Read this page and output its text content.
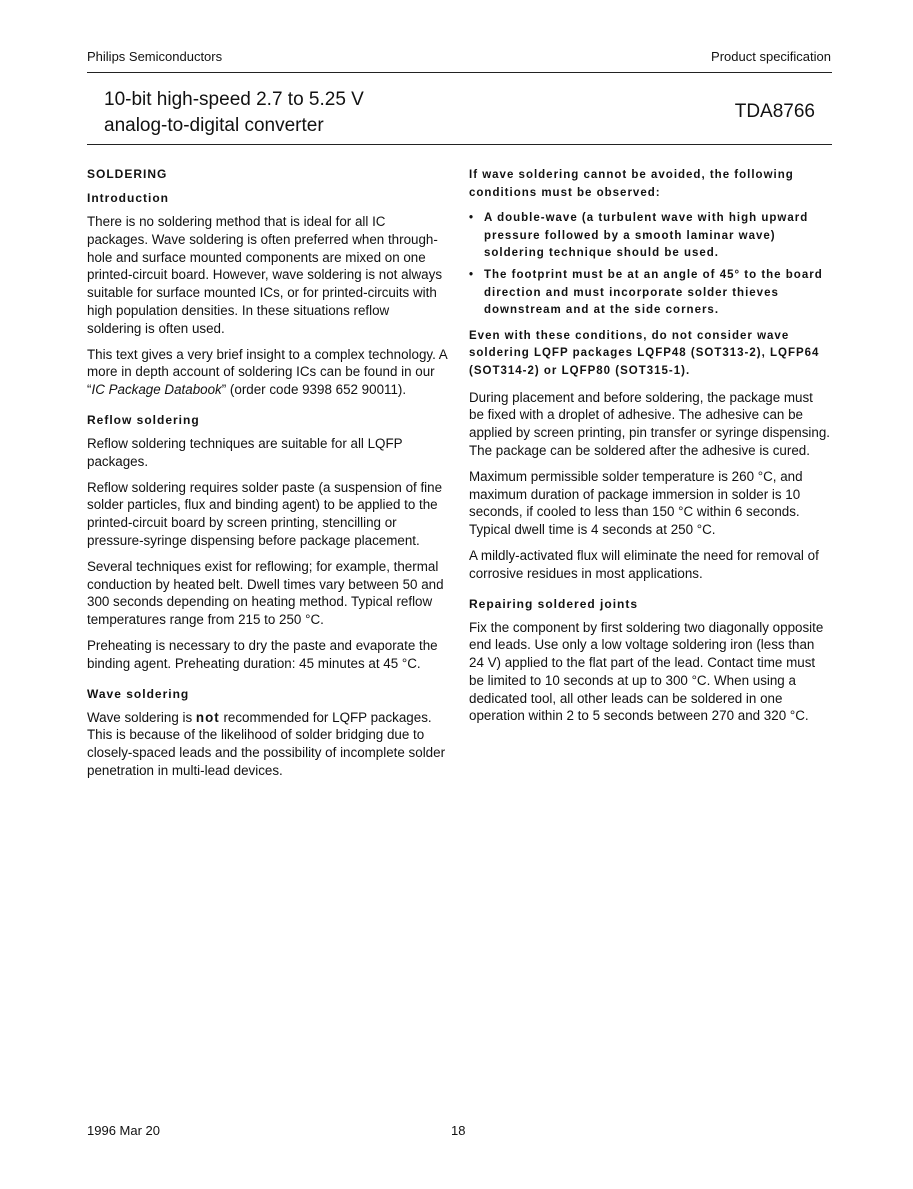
Philips Semiconductors	Product specification
10-bit high-speed 2.7 to 5.25 V
analog-to-digital converter
TDA8766
SOLDERING
Introduction

There is no soldering method that is ideal for all IC packages. Wave soldering is often preferred when through-hole and surface mounted components are mixed on one printed-circuit board. However, wave soldering is not always suitable for surface mounted ICs, or for printed-circuits with high population densities. In these situations reflow soldering is often used.

This text gives a very brief insight to a complex technology. A more in depth account of soldering ICs can be found in our “IC Package Databook” (order code 9398 652 90011).

Reflow soldering

Reflow soldering techniques are suitable for all LQFP packages.

Reflow soldering requires solder paste (a suspension of fine solder particles, flux and binding agent) to be applied to the printed-circuit board by screen printing, stencilling or pressure-syringe dispensing before package placement.

Several techniques exist for reflowing; for example, thermal conduction by heated belt. Dwell times vary between 50 and 300 seconds depending on heating method. Typical reflow temperatures range from 215 to 250 °C.

Preheating is necessary to dry the paste and evaporate the binding agent. Preheating duration: 45 minutes at 45 °C.

Wave soldering

Wave soldering is not recommended for LQFP packages. This is because of the likelihood of solder bridging due to closely-spaced leads and the possibility of incomplete solder penetration in multi-lead devices.

If wave soldering cannot be avoided, the following conditions must be observed:

• A double-wave (a turbulent wave with high upward pressure followed by a smooth laminar wave) soldering technique should be used.
• The footprint must be at an angle of 45° to the board direction and must incorporate solder thieves downstream and at the side corners.

Even with these conditions, do not consider wave soldering LQFP packages LQFP48 (SOT313-2), LQFP64 (SOT314-2) or LQFP80 (SOT315-1).

During placement and before soldering, the package must be fixed with a droplet of adhesive. The adhesive can be applied by screen printing, pin transfer or syringe dispensing. The package can be soldered after the adhesive is cured.

Maximum permissible solder temperature is 260 °C, and maximum duration of package immersion in solder is 10 seconds, if cooled to less than 150 °C within 6 seconds. Typical dwell time is 4 seconds at 250 °C.

A mildly-activated flux will eliminate the need for removal of corrosive residues in most applications.

Repairing soldered joints

Fix the component by first soldering two diagonally opposite end leads. Use only a low voltage soldering iron (less than 24 V) applied to the flat part of the lead. Contact time must be limited to 10 seconds at up to 300 °C. When using a dedicated tool, all other leads can be soldered in one operation within 2 to 5 seconds between 270 and 320 °C.

1996 Mar 20	18
